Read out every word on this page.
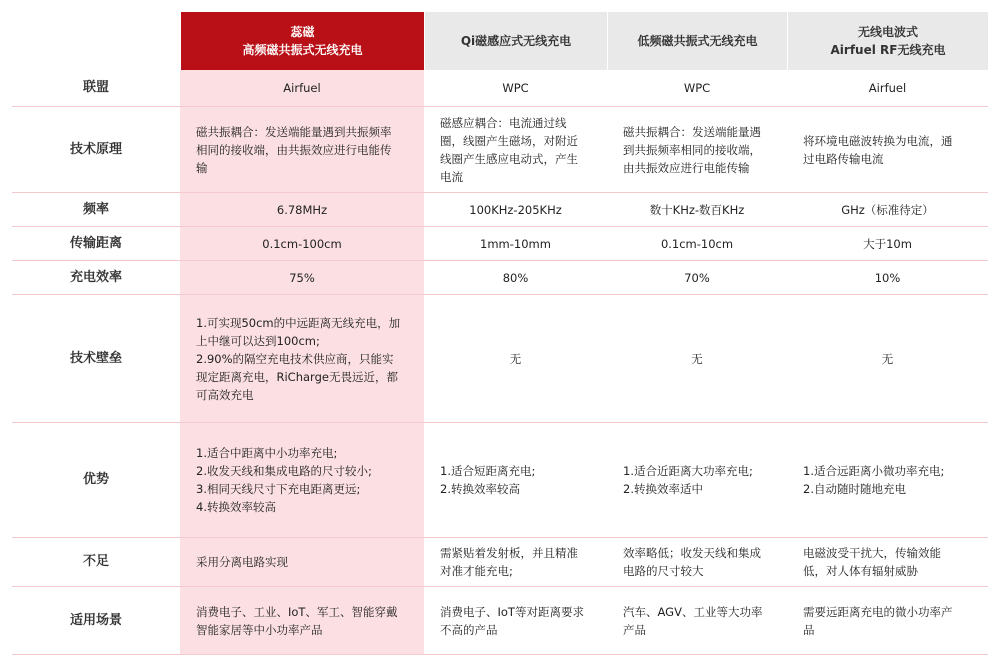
	蕊磁
高频磁共振式无线充电	Qi磁感应式无线充电	低频磁共振式无线充电	无线电波式
Airfuel RF无线充电

联盟	Airfuel	WPC	WPC	Airfuel
技术原理	磁共振耦合：发送端能量遇到共振频率
相同的接收端，由共振效应进行电能传
输	磁感应耦合：电流通过线
圈，线圈产生磁场，对附近
线圈产生感应电动式，产生
电流	磁共振耦合：发送端能量遇
到共振频率相同的接收端，
由共振效应进行电能传输	将环境电磁波转换为电流，通
过电路传输电流

频率	6.78MHz	100KHz-205KHz	数十KHz-数百KHz	GHz（标准待定）
传输距离	0.1cm-100cm	1mm-10mm	0.1cm-10cm	大于10m
充电效率	75%	80%	70%	10%
技术壁垒	1.可实现50cm的中远距离无线充电，加
上中继可以达到100cm;
2.90%的隔空充电技术供应商，只能实
现定距离充电，RiCharge无畏远近，都
可高效充电	无	无	无
优势	1.适合中距离中小功率充电;
2.收发天线和集成电路的尺寸较小;
3.相同天线尺寸下充电距离更远;
4.转换效率较高	1.适合短距离充电;
2.转换效率较高	1.适合近距离大功率充电;
2.转换效率适中	1.适合远距离小微功率充电;
2.自动随时随地充电

不足	采用分离电路实现	需紧贴着发射板，并且精准
对准才能充电;	效率略低；收发天线和集成
电路的尺寸较大	电磁波受干扰大，传输效能
低，对人体有辐射威胁

适用场景	消费电子、工业、IoT、军工、智能穿戴
智能家居等中小功率产品	消费电子、IoT等对距离要求
不高的产品	汽车、AGV、工业等大功率
产品	需要远距离充电的微小功率产
品
